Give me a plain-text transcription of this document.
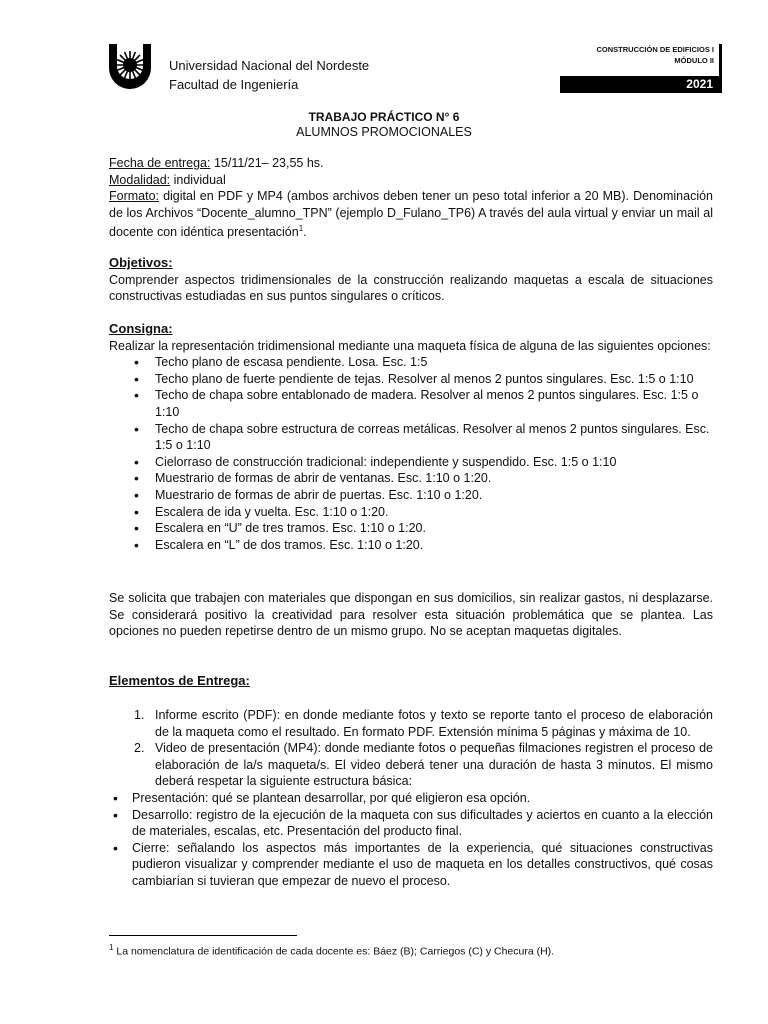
Universidad Nacional del Nordeste
Facultad de Ingeniería
CONSTRUCCIÓN DE EDIFICIOS I
MÓDULO II
2021
TRABAJO PRÁCTICO N° 6
ALUMNOS PROMOCIONALES

Fecha de entrega: 15/11/21– 23,55 hs.

Modalidad: individual

Formato: digital en PDF y MP4 (ambos archivos deben tener un peso total inferior a 20 MB). Denominación de los Archivos “Docente_alumno_TPN” (ejemplo D_Fulano_TP6) A través del aula virtual y enviar un mail al docente con idéntica presentación$^1$.

Objetivos:

Comprender aspectos tridimensionales de la construcción realizando maquetas a escala de situaciones constructivas estudiadas en sus puntos singulares o críticos.

Consigna:

Realizar la representación tridimensional mediante una maqueta física de alguna de las siguientes opciones:

• Techo plano de escasa pendiente. Losa. Esc. 1:5
• Techo plano de fuerte pendiente de tejas. Resolver al menos 2 puntos singulares. Esc. 1:5 o 1:10
• Techo de chapa sobre entablonado de madera. Resolver al menos 2 puntos singulares. Esc. 1:5 o 1:10
• Techo de chapa sobre estructura de correas metálicas. Resolver al menos 2 puntos singulares. Esc. 1:5 o 1:10
• Cielorraso de construcción tradicional: independiente y suspendido. Esc. 1:5 o 1:10
• Muestrario de formas de abrir de ventanas. Esc. 1:10 o 1:20.
• Muestrario de formas de abrir de puertas. Esc. 1:10 o 1:20.
• Escalera de ida y vuelta. Esc. 1:10 o 1:20.
• Escalera en “U” de tres tramos. Esc. 1:10 o 1:20.
• Escalera en “L” de dos tramos. Esc. 1:10 o 1:20.

Se solicita que trabajen con materiales que dispongan en sus domicilios, sin realizar gastos, ni desplazarse. Se considerará positivo la creatividad para resolver esta situación problemática que se plantea. Las opciones no pueden repetirse dentro de un mismo grupo. No se aceptan maquetas digitales.

Elementos de Entrega:

1. Informe escrito (PDF): en donde mediante fotos y texto se reporte tanto el proceso de elaboración de la maqueta como el resultado. En formato PDF. Extensión mínima 5 páginas y máxima de 10.
2. Video de presentación (MP4): donde mediante fotos o pequeñas filmaciones registren el proceso de elaboración de la/s maqueta/s. El video deberá tener una duración de hasta 3 minutos. El mismo deberá respetar la siguiente estructura básica:
• Presentación: qué se plantean desarrollar, por qué eligieron esa opción.
• Desarrollo: registro de la ejecución de la maqueta con sus dificultades y aciertos en cuanto a la elección de materiales, escalas, etc. Presentación del producto final.
• Cierre: señalando los aspectos más importantes de la experiencia, qué situaciones constructivas pudieron visualizar y comprender mediante el uso de maqueta en los detalles constructivos, qué cosas cambiarían si tuvieran que empezar de nuevo el proceso.
$^1$ La nomenclatura de identificación de cada docente es: Báez (B); Carriegos (C) y Checura (H).
